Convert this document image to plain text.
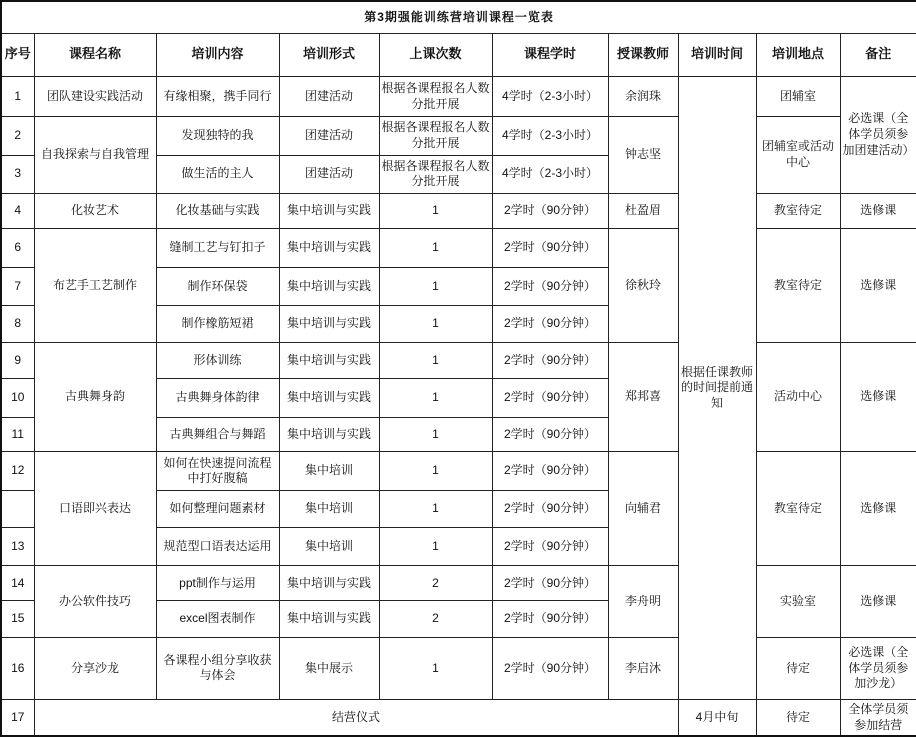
第3期强能训练营培训课程一览表									
序号	课程名称	培训内容	培训形式	上课次数	课程学时	授课教师	培训时间	培训地点	备注
1	团队建设实践活动	有缘相聚，携手同行	团建活动	根据各课程报名人数分批开展	4学时（2-3小时）	余润珠	根据任课教师的时间提前通知	团辅室	必选课（全体学员须参加团建活动）
2	自我探索与自我管理	发现独特的我	团建活动	根据各课程报名人数分批开展	4学时（2-3小时）	钟志坚		团辅室或活动中心	
3		做生活的主人	团建活动	根据各课程报名人数分批开展	4学时（2-3小时）				
4	化妆艺术	化妆基础与实践	集中培训与实践	1	2学时（90分钟）	杜盈眉		教室待定	选修课
6	布艺手工艺制作	缝制工艺与钉扣子	集中培训与实践	1	2学时（90分钟）	徐秋玲		教室待定	选修课
7		制作环保袋	集中培训与实践	1	2学时（90分钟）				
8		制作橡筋短裙	集中培训与实践	1	2学时（90分钟）				
9	古典舞身韵	形体训练	集中培训与实践	1	2学时（90分钟）	郑邦喜		活动中心	选修课
10		古典舞身体韵律	集中培训与实践	1	2学时（90分钟）				
11		古典舞组合与舞蹈	集中培训与实践	1	2学时（90分钟）				
12	口语即兴表达	如何在快速提问流程中打好腹稿	集中培训	1	2学时（90分钟）	向辅君		教室待定	选修课
		如何整理问题素材	集中培训	1	2学时（90分钟）				
13		规范型口语表达运用	集中培训	1	2学时（90分钟）				
14	办公软件技巧	ppt制作与运用	集中培训与实践	2	2学时（90分钟）	李舟明		实验室	选修课
15		excel图表制作	集中培训与实践	2	2学时（90分钟）				
16	分享沙龙	各课程小组分享收获与体会	集中展示	1	2学时（90分钟）	李启沐		待定	必选课（全体学员须参加沙龙）
17	结营仪式						4月中旬	待定	全体学员须参加结营
